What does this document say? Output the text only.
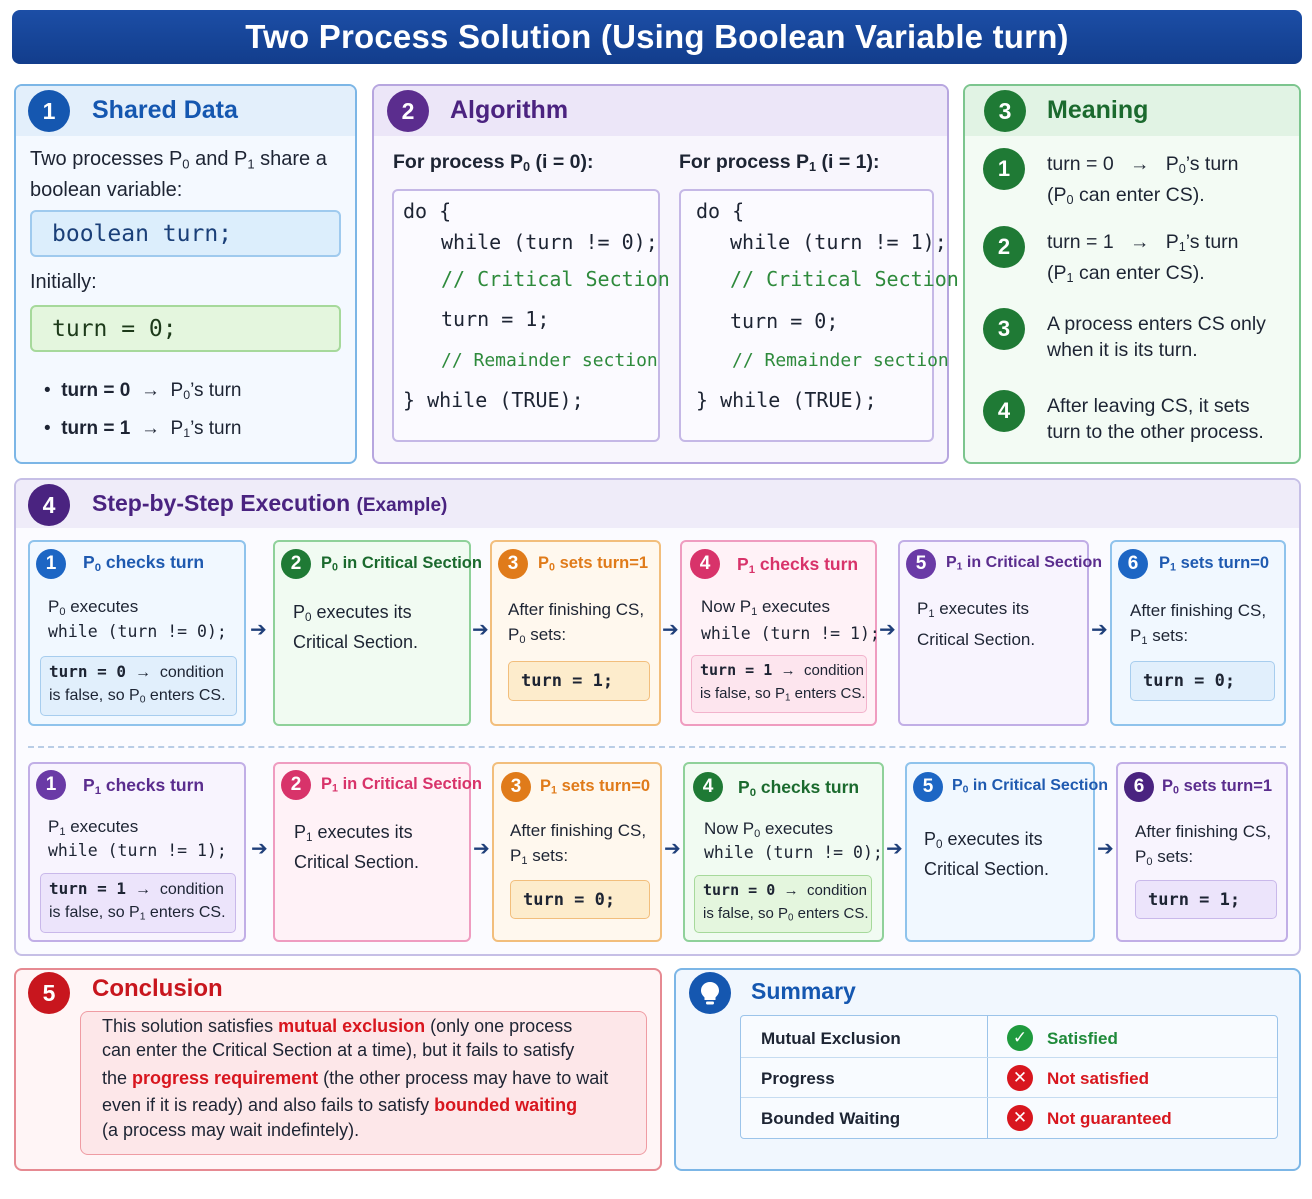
Two Process Solution (Using Boolean Variable turn)
1	Shared Data
Two processes $P_0$ and $P_1$ share a
boolean variable:
boolean turn;
Initially:
turn = 0;
•  turn = $0 \to P_0’s$ turn
•  turn = $1 \to P_1’s$ turn
2	Algorithm
For process $P_0$ (i = 0):	For process $P_1$ (i = 1):
do {
while (turn != 0);
// Critical Section
turn = 1;
// Remainder section
} while (TRUE);
do {
while (turn != 1);
// Critical Section
turn = 0;
// Remainder section
} while (TRUE);
3	Meaning
1	turn = $0 \to P_0’s$ turn
($P_0$ can enter CS).
2	turn = $1 \to P_1’s$ turn
($P_1$ can enter CS).
3	A process enters CS only
when it is its turn.
4	After leaving CS, it sets
turn to the other process.
4	Step-by-Step Execution (Example)
1	$P_0$ checks turn
$P_0$ executes
while (turn != 0);
turn = 0 → condition
is false, so $P_0$ enters CS.
➔
2	$P_0$ in Critical Section
$P_0$ executes its
Critical Section.
➔
3	$P_0$ sets turn=1
After finishing CS,
$P_0$ sets:
turn = 1;
➔
4	$P_1$ checks turn
Now $P_1$ executes
while (turn != 1);
turn = 1 → condition
is false, so $P_1$ enters CS.
➔
5	$P_1$ in Critical Section
$P_1$ executes its
Critical Section.	➔
6	$P_1$ sets turn=0
After finishing CS,
$P_1$ sets:
turn = 0;
1	$P_1$ checks turn
$P_1$ executes
while (turn != 1);
turn = 1 → condition
is false, so $P_1$ enters CS.
➔
2	$P_1$ in Critical Section
$P_1$ executes its
Critical Section.
➔
3	$P_1$ sets turn=0
After finishing CS,
$P_1$ sets:
turn = 0;
➔
4	$P_0$ checks turn
Now $P_0$ executes
while (turn != 0);
turn = 0 → condition
is false, so $P_0$ enters CS.
➔
5	$P_0$ in Critical Section
$P_0$ executes its
Critical Section.
➔
6	$P_0$ sets turn=1
After finishing CS,
$P_0$ sets:
turn = 1;
5	Conclusion
This solution satisfies mutual exclusion (only one process
can enter the Critical Section at a time), but it fails to satisfy
the progress requirement (the other process may have to wait
even if it is ready) and also fails to satisfy bounded waiting
(a process may wait indefintely).
Summary
Mutual Exclusion	✓	Satisfied
Progress	✕	Not satisfied
Bounded Waiting	✕	Not guaranteed
